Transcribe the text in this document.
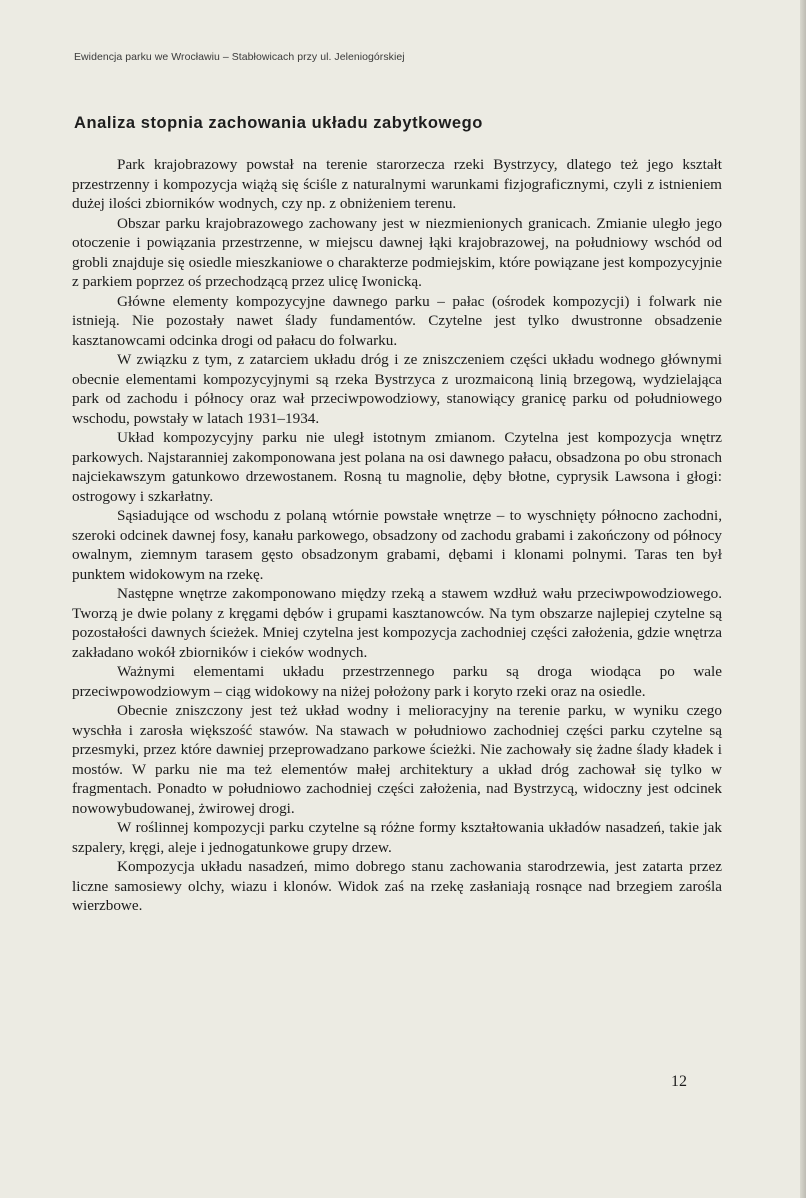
Ewidencja parku we Wrocławiu – Stabłowicach przy ul. Jeleniogórskiej
Analiza stopnia zachowania układu zabytkowego

Park krajobrazowy powstał na terenie starorzecza rzeki Bystrzycy, dlatego też jego kształt przestrzenny i kompozycja wiążą się ściśle z naturalnymi warunkami fizjograficznymi, czyli z istnieniem dużej ilości zbiorników wodnych, czy np. z obniżeniem terenu.

Obszar parku krajobrazowego zachowany jest w niezmienionych granicach. Zmianie uległo jego otoczenie i powiązania przestrzenne, w miejscu dawnej łąki krajobrazowej, na południowy wschód od grobli znajduje się osiedle mieszkaniowe o charakterze podmiejskim, które powiązane jest kompozycyjnie z parkiem poprzez oś przechodzącą przez ulicę Iwonicką.

Główne elementy kompozycyjne dawnego parku – pałac (ośrodek kompozycji) i folwark nie istnieją. Nie pozostały nawet ślady fundamentów. Czytelne jest tylko dwustronne obsadzenie kasztanowcami odcinka drogi od pałacu do folwarku.

W związku z tym, z zatarciem układu dróg i ze zniszczeniem części układu wodnego głównymi obecnie elementami kompozycyjnymi są rzeka Bystrzyca z urozmaiconą linią brzegową, wydzielająca park od zachodu i północy oraz wał przeciwpowodziowy, stanowiący granicę parku od południowego wschodu, powstały w latach 1931–1934.

Układ kompozycyjny parku nie uległ istotnym zmianom. Czytelna jest kompozycja wnętrz parkowych. Najstaranniej zakomponowana jest polana na osi dawnego pałacu, obsadzona po obu stronach najciekawszym gatunkowo drzewostanem. Rosną tu magnolie, dęby błotne, cyprysik Lawsona i głogi: ostrogowy i szkarłatny.

Sąsiadujące od wschodu z polaną wtórnie powstałe wnętrze – to wyschnięty północno zachodni, szeroki odcinek dawnej fosy, kanału parkowego, obsadzony od zachodu grabami i zakończony od północy owalnym, ziemnym tarasem gęsto obsadzonym grabami, dębami i klonami polnymi. Taras ten był punktem widokowym na rzekę.

Następne wnętrze zakomponowano między rzeką a stawem wzdłuż wału przeciwpowodziowego. Tworzą je dwie polany z kręgami dębów i grupami kasztanowców. Na tym obszarze najlepiej czytelne są pozostałości dawnych ścieżek. Mniej czytelna jest kompozycja zachodniej części założenia, gdzie wnętrza zakładano wokół zbiorników i cieków wodnych.

Ważnymi elementami układu przestrzennego parku są droga wiodąca po wale przeciwpowodziowym – ciąg widokowy na niżej położony park i koryto rzeki oraz na osiedle.

Obecnie zniszczony jest też układ wodny i melioracyjny na terenie parku, w wyniku czego wyschła i zarosła większość stawów. Na stawach w południowo zachodniej części parku czytelne są przesmyki, przez które dawniej przeprowadzano parkowe ścieżki. Nie zachowały się żadne ślady kładek i mostów. W parku nie ma też elementów małej architektury a układ dróg zachował się tylko w fragmentach. Ponadto w południowo zachodniej części założenia, nad Bystrzycą, widoczny jest odcinek nowowybudowanej, żwirowej drogi.

W roślinnej kompozycji parku czytelne są różne formy kształtowania układów nasadzeń, takie jak szpalery, kręgi, aleje i jednogatunkowe grupy drzew.

Kompozycja układu nasadzeń, mimo dobrego stanu zachowania starodrzewia, jest zatarta przez liczne samosiewy olchy, wiazu i klonów. Widok zaś na rzekę zasłaniają rosnące nad brzegiem zarośla wierzbowe.

12
